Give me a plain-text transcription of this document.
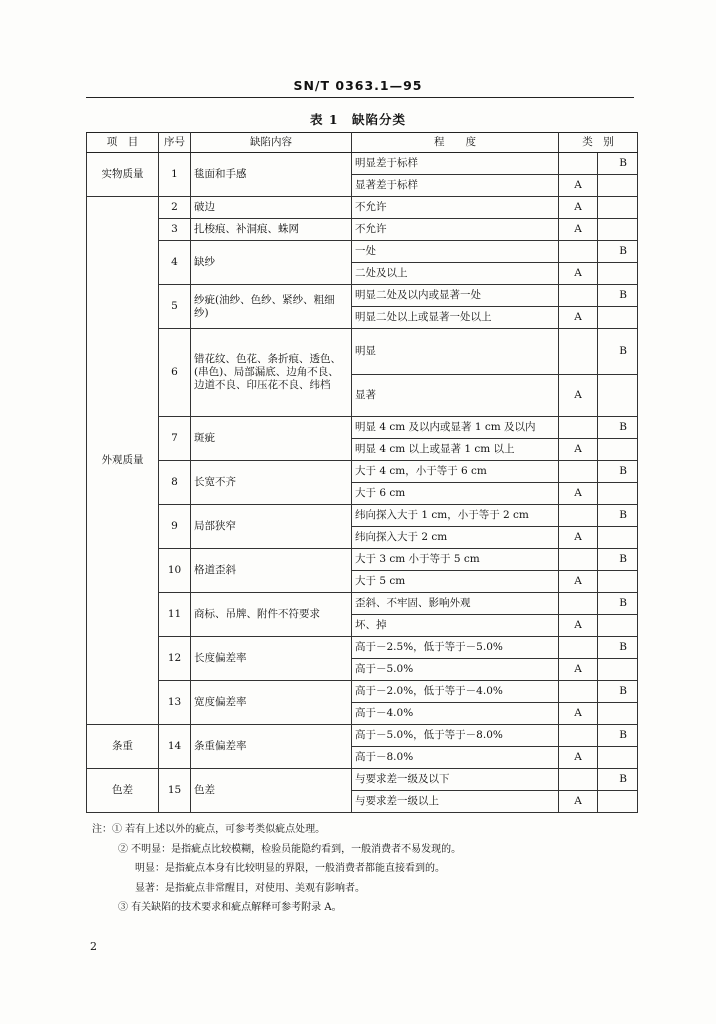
SN/T 0363.1—95
表 1　缺陷分类
项　目	序号	缺陷内容	程　　度	类　别	
实物质量	1	毯面和手感	明显差于标样		B
			显著差于标样	A	
外观质量	2	破边	不允许	A	
	3	扎梭痕、补洞痕、蛛网	不允许	A	
	4	缺纱	一处		B
			二处及以上	A	
	5	纱疵(油纱、色纱、紧纱、粗细纱)	明显二处及以内或显著一处		B
			明显二处以上或显著一处以上	A	
	6	错花纹、色花、条折痕、透色、(串色)、局部漏底、边角不良、边道不良、印压花不良、纬档	明显		B
			显著	A	
	7	斑疵	明显 4 cm 及以内或显著 1 cm 及以内		B
			明显 4 cm 以上或显著 1 cm 以上	A	
	8	长宽不齐	大于 4 cm，小于等于 6 cm		B
			大于 6 cm	A	
	9	局部狭窄	纬向探入大于 1 cm，小于等于 2 cm		B
			纬向探入大于 2 cm	A	
	10	格道歪斜	大于 3 cm 小于等于 5 cm		B
			大于 5 cm	A	
	11	商标、吊牌、附件不符要求	歪斜、不牢固、影响外观		B
			坏、掉	A	
	12	长度偏差率	高于－2.5%，低于等于－5.0%		B
			高于－5.0%	A	
	13	宽度偏差率	高于－2.0%，低于等于－4.0%		B
			高于－4.0%	A	
条重	14	条重偏差率	高于－5.0%，低于等于－8.0%		B
			高于－8.0%	A	
色差	15	色差	与要求差一级及以下		B
			与要求差一级以上	A	
注：① 若有上述以外的疵点，可参考类似疵点处理。
② 不明显：是指疵点比较模糊，检验员能隐约看到，一般消费者不易发现的。
明显：是指疵点本身有比较明显的界限，一般消费者都能直接看到的。
显著：是指疵点非常醒目，对使用、美观有影响者。
③ 有关缺陷的技术要求和疵点解释可参考附录 A。
2
